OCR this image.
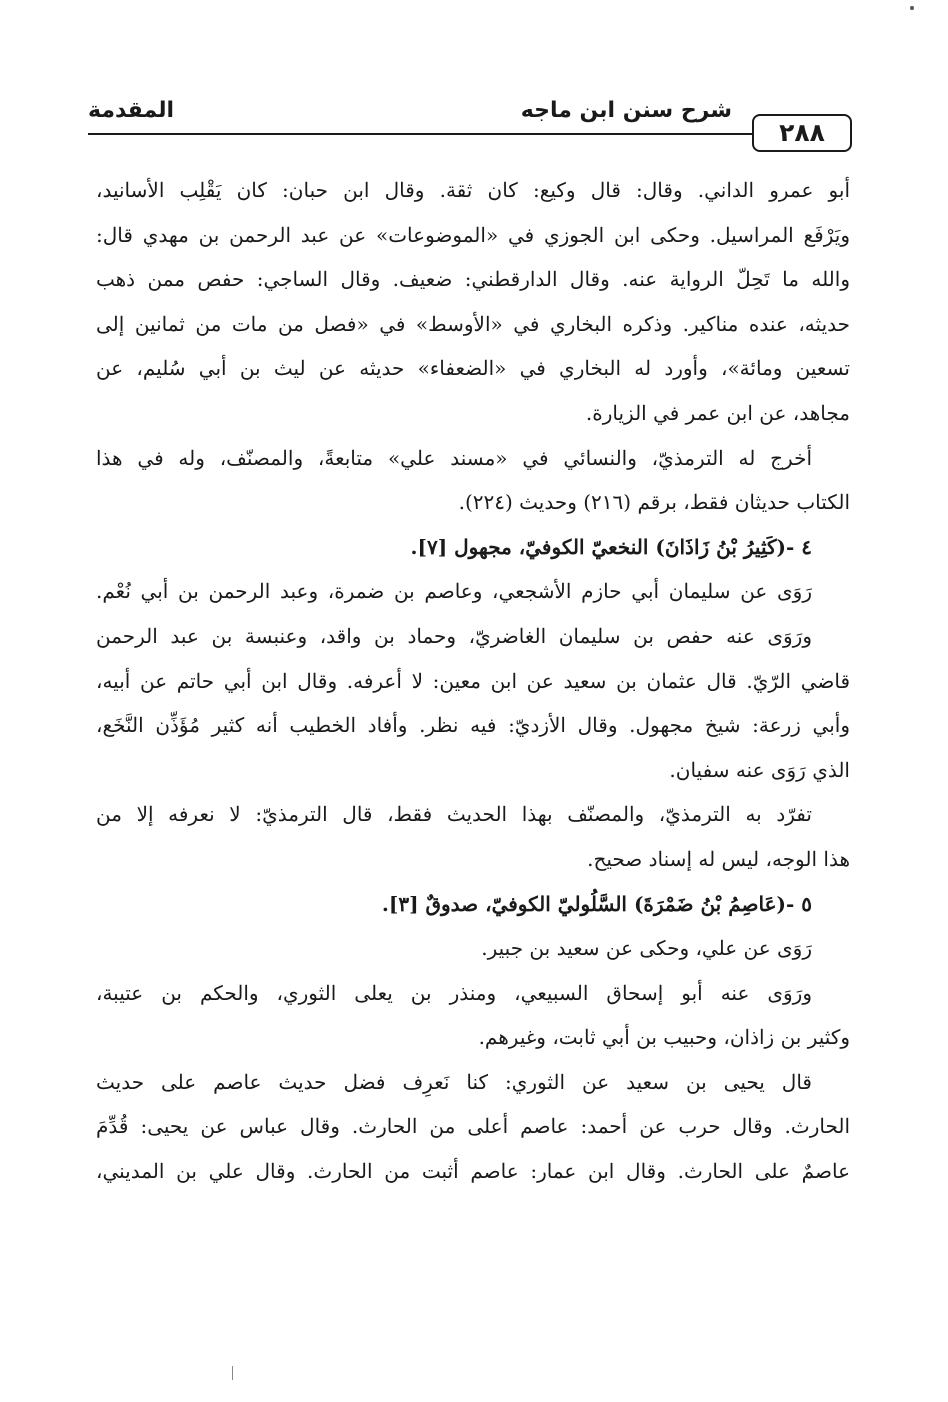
٢٨٨
شرح سنن ابن ماجه
المقدمة
أبو عمرو الداني. وقال: قال وكيع: كان ثقة. وقال ابن حبان: كان يَقْلِب الأسانيد،
ويَرْفَع المراسيل. وحكى ابن الجوزي في «الموضوعات» عن عبد الرحمن بن مهدي قال:
والله ما تَحِلّ الرواية عنه. وقال الدارقطني: ضعيف. وقال الساجي: حفص ممن ذهب
حديثه، عنده مناكير. وذكره البخاري في «الأوسط» في «فصل من مات من ثمانين إلى
تسعين ومائة»، وأورد له البخاري في «الضعفاء» حديثه عن ليث بن أبي سُليم، عن
مجاهد، عن ابن عمر في الزيارة.
أخرج له الترمذيّ، والنسائي في «مسند علي» متابعةً، والمصنّف، وله في هذا
الكتاب حديثان فقط، برقم (٢١٦) وحديث (٢٢٤).
٤ -(كَثِيرُ بْنُ زَاذَانَ) النخعيّ الكوفيّ، مجهول [٧].
رَوَى عن سليمان أبي حازم الأشجعي، وعاصم بن ضمرة، وعبد الرحمن بن أبي نُعْم.
ورَوَى عنه حفص بن سليمان الغاضريّ، وحماد بن واقد، وعنبسة بن عبد الرحمن
قاضي الرّيّ. قال عثمان بن سعيد عن ابن معين: لا أعرفه. وقال ابن أبي حاتم عن أبيه،
وأبي زرعة: شيخ مجهول. وقال الأزديّ: فيه نظر. وأفاد الخطيب أنه كثير مُؤَذِّن النَّخَع،
الذي رَوَى عنه سفيان.
تفرّد به الترمذيّ، والمصنّف بهذا الحديث فقط، قال الترمذيّ: لا نعرفه إلا من
هذا الوجه، ليس له إسناد صحيح.
٥ -(عَاصِمُ بْنُ ضَمْرَةَ) السَّلُوليّ الكوفيّ، صدوقٌ [٣].
رَوَى عن علي، وحكى عن سعيد بن جبير.
ورَوَى عنه أبو إسحاق السبيعي، ومنذر بن يعلى الثوري، والحكم بن عتيبة،
وكثير بن زاذان، وحبيب بن أبي ثابت، وغيرهم.
قال يحيى بن سعيد عن الثوري: كنا نَعرِف فضل حديث عاصم على حديث
الحارث. وقال حرب عن أحمد: عاصم أعلى من الحارث. وقال عباس عن يحيى: قُدِّمَ
عاصمٌ على الحارث. وقال ابن عمار: عاصم أثبت من الحارث. وقال علي بن المديني،
